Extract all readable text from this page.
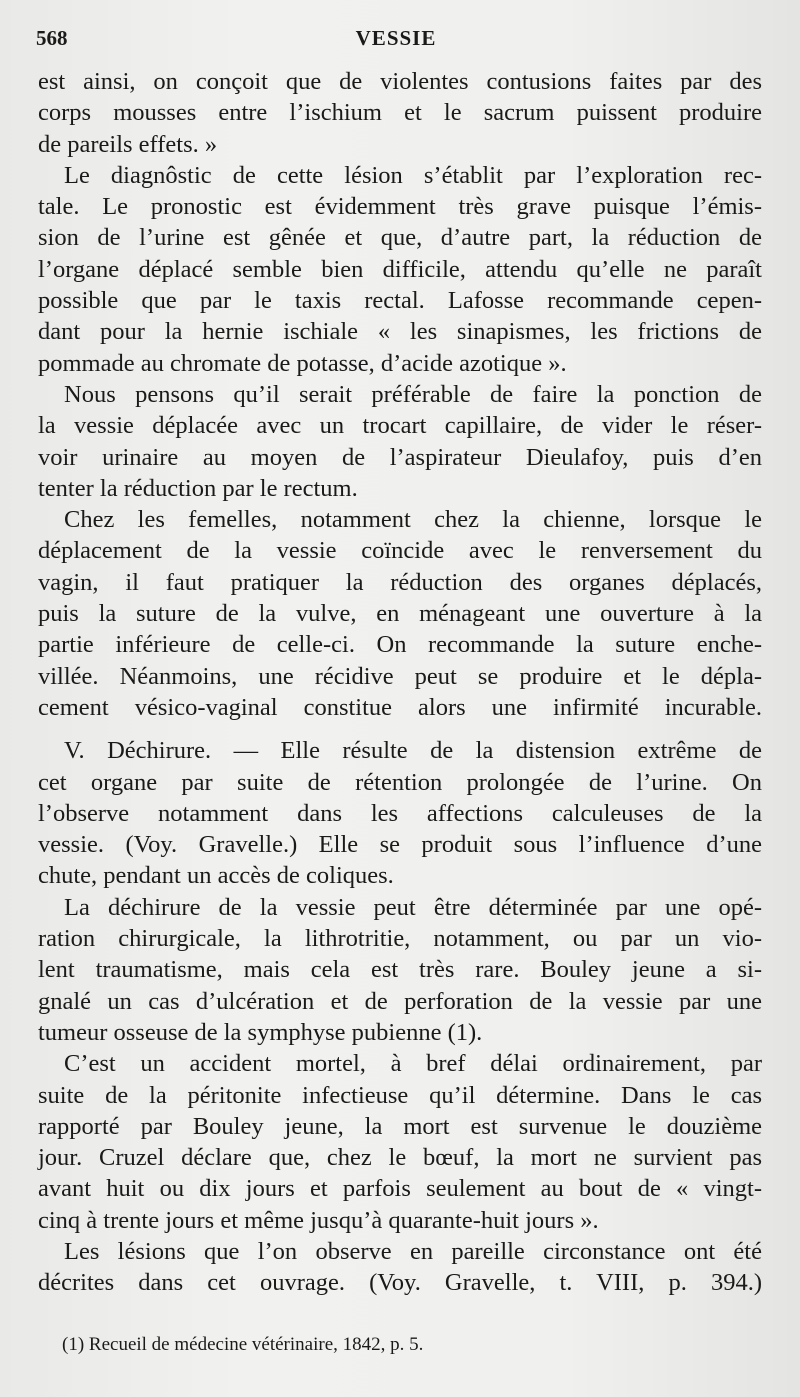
568	VESSIE
est ainsi, on conçoit que de violentes contusions faites par des
corps mousses entre l’ischium et le sacrum puissent produire
de pareils effets. »
Le diagnôstic de cette lésion s’établit par l’exploration rec-
tale. Le pronostic est évidemment très grave puisque l’émis-
sion de l’urine est gênée et que, d’autre part, la réduction de
l’organe déplacé semble bien difficile, attendu qu’elle ne paraît
possible que par le taxis rectal. Lafosse recommande cepen-
dant pour la hernie ischiale « les sinapismes, les frictions de
pommade au chromate de potasse, d’acide azotique ».
Nous pensons qu’il serait préférable de faire la ponction de
la vessie déplacée avec un trocart capillaire, de vider le réser-
voir urinaire au moyen de l’aspirateur Dieulafoy, puis d’en
tenter la réduction par le rectum.
Chez les femelles, notamment chez la chienne, lorsque le
déplacement de la vessie coïncide avec le renversement du
vagin, il faut pratiquer la réduction des organes déplacés,
puis la suture de la vulve, en ménageant une ouverture à la
partie inférieure de celle-ci. On recommande la suture enche-
villée. Néanmoins, une récidive peut se produire et le dépla-
cement vésico-vaginal constitue alors une infirmité incurable.
V. Déchirure. — Elle résulte de la distension extrême de
cet organe par suite de rétention prolongée de l’urine. On
l’observe notamment dans les affections calculeuses de la
vessie. (Voy. Gravelle.) Elle se produit sous l’influence d’une
chute, pendant un accès de coliques.
La déchirure de la vessie peut être déterminée par une opé-
ration chirurgicale, la lithrotritie, notamment, ou par un vio-
lent traumatisme, mais cela est très rare. Bouley jeune a si-
gnalé un cas d’ulcération et de perforation de la vessie par une
tumeur osseuse de la symphyse pubienne (1).
C’est un accident mortel, à bref délai ordinairement, par
suite de la péritonite infectieuse qu’il détermine. Dans le cas
rapporté par Bouley jeune, la mort est survenue le douzième
jour. Cruzel déclare que, chez le bœuf, la mort ne survient pas
avant huit ou dix jours et parfois seulement au bout de « vingt-
cinq à trente jours et même jusqu’à quarante-huit jours ».
Les lésions que l’on observe en pareille circonstance ont été
décrites dans cet ouvrage. (Voy. Gravelle, t. VIII, p. 394.)
(1) Recueil de médecine vétérinaire, 1842, p. 5.
